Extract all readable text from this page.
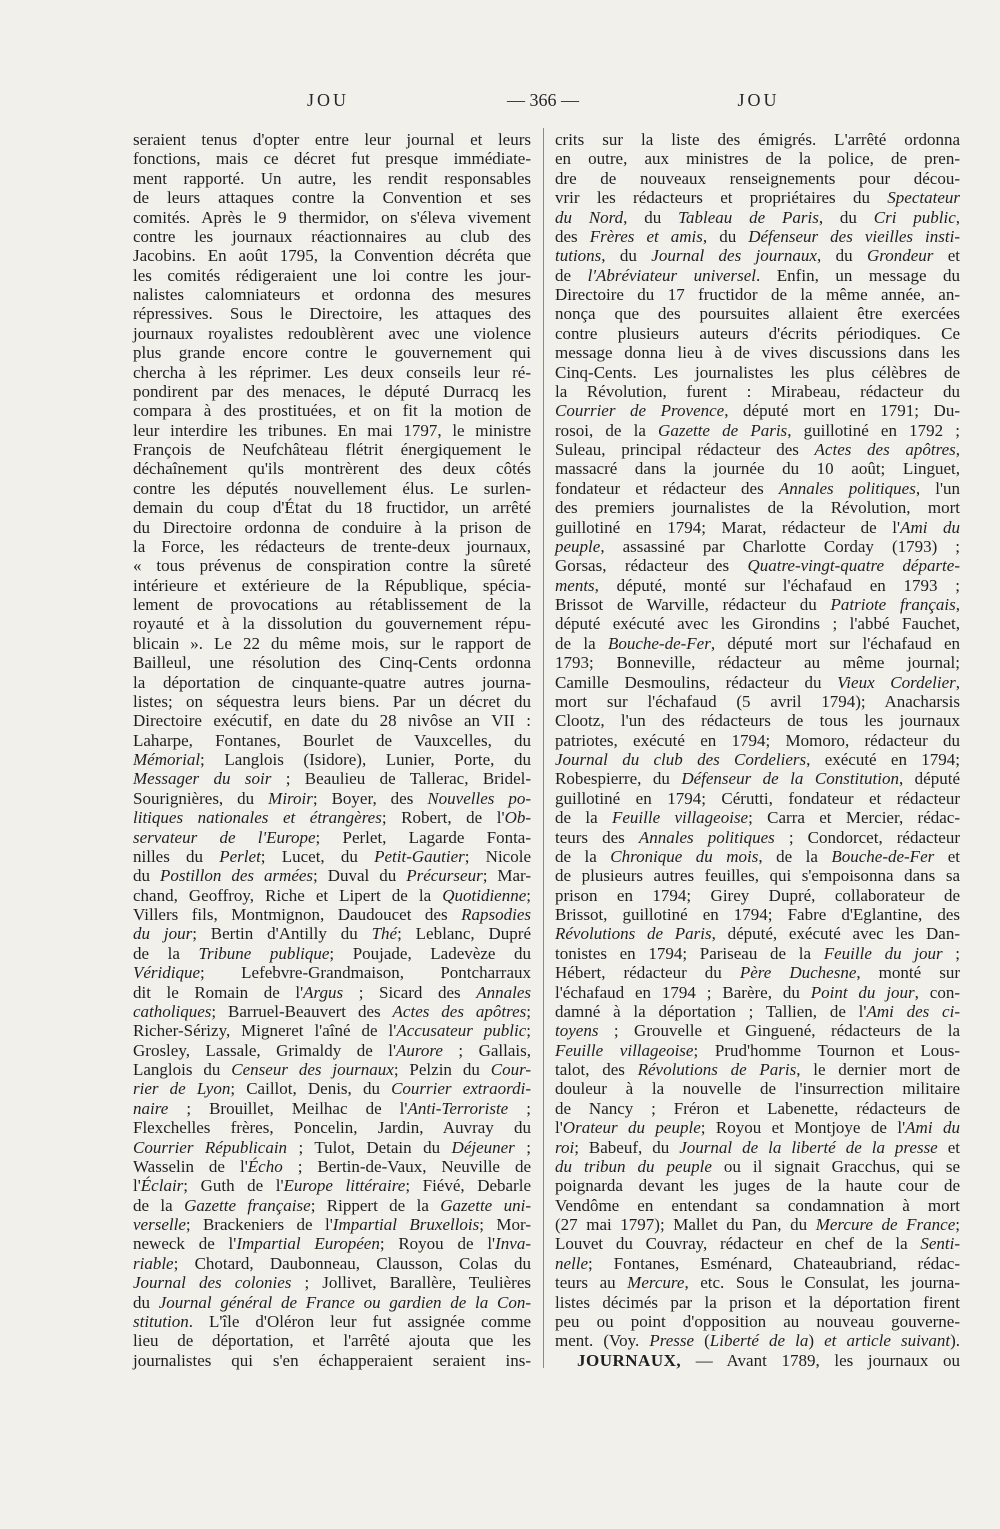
JOU	— 366 —	JOU
seraient tenus d'opter entre leur journal et leurs
fonctions, mais ce décret fut presque immédiate-
ment rapporté. Un autre, les rendit responsables
de leurs attaques contre la Convention et ses
comités. Après le 9 thermidor, on s'éleva vivement
contre les journaux réactionnaires au club des
Jacobins. En août 1795, la Convention décréta que
les comités rédigeraient une loi contre les jour-
nalistes calomniateurs et ordonna des mesures
répressives. Sous le Directoire, les attaques des
journaux royalistes redoublèrent avec une violence
plus grande encore contre le gouvernement qui
chercha à les réprimer. Les deux conseils leur ré-
pondirent par des menaces, le député Durracq les
compara à des prostituées, et on fit la motion de
leur interdire les tribunes. En mai 1797, le ministre
François de Neufchâteau flétrit énergiquement le
déchaînement qu'ils montrèrent des deux côtés
contre les députés nouvellement élus. Le surlen-
demain du coup d'État du 18 fructidor, un arrêté
du Directoire ordonna de conduire à la prison de
la Force, les rédacteurs de trente-deux journaux,
« tous prévenus de conspiration contre la sûreté
intérieure et extérieure de la République, spécia-
lement de provocations au rétablissement de la
royauté et à la dissolution du gouvernement répu-
blicain ». Le 22 du même mois, sur le rapport de
Bailleul, une résolution des Cinq-Cents ordonna
la déportation de cinquante-quatre autres journa-
listes; on séquestra leurs biens. Par un décret du
Directoire exécutif, en date du 28 nivôse an VII :
Laharpe, Fontanes, Bourlet de Vauxcelles, du
Mémorial; Langlois (Isidore), Lunier, Porte, du
Messager du soir ; Beaulieu de Tallerac, Bridel-
Sourignières, du Miroir; Boyer, des Nouvelles po-
litiques nationales et étrangères; Robert, de l'Ob-
servateur de l'Europe; Perlet, Lagarde Fonta-
nilles du Perlet; Lucet, du Petit-Gautier; Nicole
du Postillon des armées; Duval du Précurseur; Mar-
chand, Geoffroy, Riche et Lipert de la Quotidienne;
Villers fils, Montmignon, Daudoucet des Rapsodies
du jour; Bertin d'Antilly du Thé; Leblanc, Dupré
de la Tribune publique; Poujade, Ladevèze du
Véridique; Lefebvre-Grandmaison, Pontcharraux
dit le Romain de l'Argus ; Sicard des Annales
catholiques; Barruel-Beauvert des Actes des apôtres;
Richer-Sérizy, Migneret l'aîné de l'Accusateur public;
Grosley, Lassale, Grimaldy de l'Aurore ; Gallais,
Langlois du Censeur des journaux; Pelzin du Cour-
rier de Lyon; Caillot, Denis, du Courrier extraordi-
naire ; Brouillet, Meilhac de l'Anti-Terroriste ;
Flexchelles frères, Poncelin, Jardin, Auvray du
Courrier Républicain ; Tulot, Detain du Déjeuner ;
Wasselin de l'Écho ; Bertin-de-Vaux, Neuville de
l'Éclair; Guth de l'Europe littéraire; Fiévé, Debarle
de la Gazette française; Rippert de la Gazette uni-
verselle; Brackeniers de l'Impartial Bruxellois; Mor-
neweck de l'Impartial Européen; Royou de l'Inva-
riable; Chotard, Daubonneau, Clausson, Colas du
Journal des colonies ; Jollivet, Barallère, Teulières
du Journal général de France ou gardien de la Con-
stitution. L'île d'Oléron leur fut assignée comme
lieu de déportation, et l'arrêté ajouta que les
journalistes qui s'en échapperaient seraient ins-
crits sur la liste des émigrés. L'arrêté ordonna
en outre, aux ministres de la police, de pren-
dre de nouveaux renseignements pour décou-
vrir les rédacteurs et propriétaires du Spectateur
du Nord, du Tableau de Paris, du Cri public,
des Frères et amis, du Défenseur des vieilles insti-
tutions, du Journal des journaux, du Grondeur et
de l'Abréviateur universel. Enfin, un message du
Directoire du 17 fructidor de la même année, an-
nonça que des poursuites allaient être exercées
contre plusieurs auteurs d'écrits périodiques. Ce
message donna lieu à de vives discussions dans les
Cinq-Cents. Les journalistes les plus célèbres de
la Révolution, furent : Mirabeau, rédacteur du
Courrier de Provence, député mort en 1791; Du-
rosoi, de la Gazette de Paris, guillotiné en 1792 ;
Suleau, principal rédacteur des Actes des apôtres,
massacré dans la journée du 10 août; Linguet,
fondateur et rédacteur des Annales politiques, l'un
des premiers journalistes de la Révolution, mort
guillotiné en 1794; Marat, rédacteur de l'Ami du
peuple, assassiné par Charlotte Corday (1793) ;
Gorsas, rédacteur des Quatre-vingt-quatre départe-
ments, député, monté sur l'échafaud en 1793 ;
Brissot de Warville, rédacteur du Patriote français,
député exécuté avec les Girondins ; l'abbé Fauchet,
de la Bouche-de-Fer, député mort sur l'échafaud en
1793; Bonneville, rédacteur au même journal;
Camille Desmoulins, rédacteur du Vieux Cordelier,
mort sur l'échafaud (5 avril 1794); Anacharsis
Clootz, l'un des rédacteurs de tous les journaux
patriotes, exécuté en 1794; Momoro, rédacteur du
Journal du club des Cordeliers, exécuté en 1794;
Robespierre, du Défenseur de la Constitution, député
guillotiné en 1794; Cérutti, fondateur et rédacteur
de la Feuille villageoise; Carra et Mercier, rédac-
teurs des Annales politiques ; Condorcet, rédacteur
de la Chronique du mois, de la Bouche-de-Fer et
de plusieurs autres feuilles, qui s'empoisonna dans sa
prison en 1794; Girey Dupré, collaborateur de
Brissot, guillotiné en 1794; Fabre d'Eglantine, des
Révolutions de Paris, député, exécuté avec les Dan-
tonistes en 1794; Pariseau de la Feuille du jour ;
Hébert, rédacteur du Père Duchesne, monté sur
l'échafaud en 1794 ; Barère, du Point du jour, con-
damné à la déportation ; Tallien, de l'Ami des ci-
toyens ; Grouvelle et Ginguené, rédacteurs de la
Feuille villageoise; Prud'homme Tournon et Lous-
talot, des Révolutions de Paris, le dernier mort de
douleur à la nouvelle de l'insurrection militaire
de Nancy ; Fréron et Labenette, rédacteurs de
l'Orateur du peuple; Royou et Montjoye de l'Ami du
roi; Babeuf, du Journal de la liberté de la presse et
du tribun du peuple ou il signait Gracchus, qui se
poignarda devant les juges de la haute cour de
Vendôme en entendant sa condamnation à mort
(27 mai 1797); Mallet du Pan, du Mercure de France;
Louvet du Couvray, rédacteur en chef de la Senti-
nelle; Fontanes, Esménard, Chateaubriand, rédac-
teurs au Mercure, etc. Sous le Consulat, les journa-
listes décimés par la prison et la déportation firent
peu ou point d'opposition au nouveau gouverne-
ment. (Voy. Presse (Liberté de la) et article suivant).
JOURNAUX, — Avant 1789, les journaux ou
